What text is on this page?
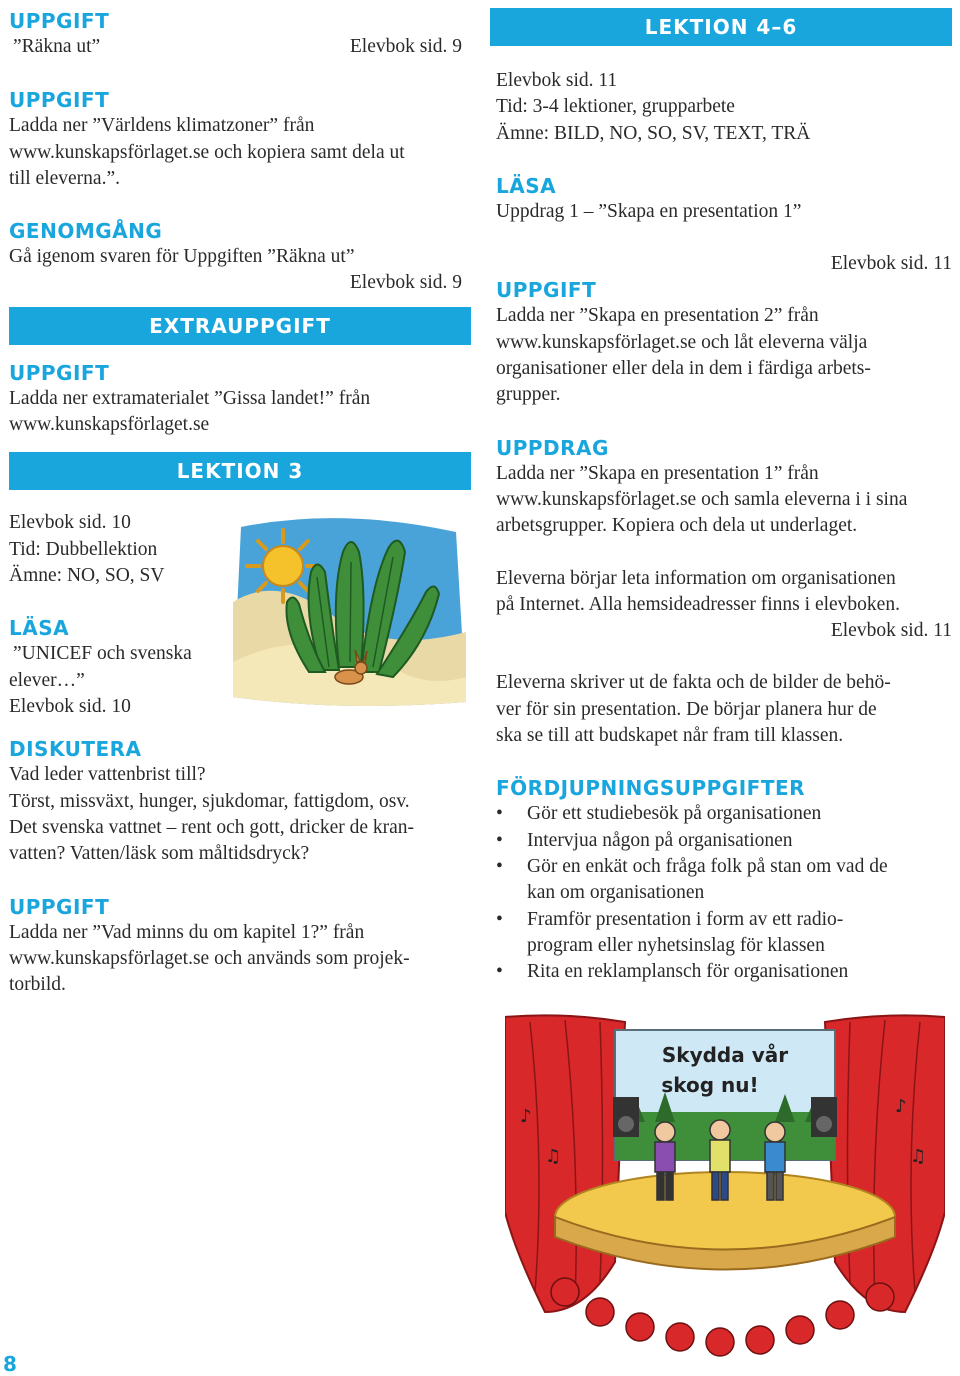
UPPGIFT

”Räkna ut”	Elevbok sid. 9

UPPGIFT

Ladda ner ”Världens klimatzoner” från

www.kunskapsförlaget.se och kopiera samt dela ut

till eleverna.”.

GENOMGÅNG

Gå igenom svaren för Uppgiften ”Räkna ut”

Elevbok sid. 9

EXTRAUPPGIFT

UPPGIFT

Ladda ner extramaterialet ”Gissa landet!” från

www.kunskapsförlaget.se

LEKTION 3

Elevbok sid. 10

Tid: Dubbellektion

Ämne: NO, SO, SV

LÄSA

”UNICEF och svenska

elever…”

Elevbok sid. 10

DISKUTERA

Vad leder vattenbrist till?

Törst, missväxt, hunger, sjukdomar, fattigdom, osv.

Det svenska vattnet – rent och gott, dricker de kran-

vatten? Vatten/läsk som måltidsdryck?

UPPGIFT

Ladda ner ”Vad minns du om kapitel 1?” från

www.kunskapsförlaget.se och används som projek-

torbild.

LEKTION 4–6

Elevbok sid. 11

Tid: 3-4 lektioner, grupparbete

Ämne: BILD, NO, SO, SV, TEXT, TRÄ

LÄSA

Uppdrag 1 – ”Skapa en presentation 1”

Elevbok sid. 11

UPPGIFT

Ladda ner ”Skapa en presentation 2” från

www.kunskapsförlaget.se och låt eleverna välja

organisationer eller dela in dem i färdiga arbets-

grupper.

UPPDRAG

Ladda ner ”Skapa en presentation 1” från

www.kunskapsförlaget.se och samla eleverna i i sina

arbetsgrupper. Kopiera och dela ut underlaget.

Eleverna börjar leta information om organisationen

på Internet. Alla hemsideadresser finns i elevboken.

Elevbok sid. 11

Eleverna skriver ut de fakta och de bilder de behö-

ver för sin presentation. De börjar planera hur de

ska se till att budskapet når fram till klassen.

FÖRDJUPNINGSUPPGIFTER

• Gör ett studiebesök på organisationen
• Intervjua någon på organisationen
• Gör en enkät och fråga folk på stan om vad de
kan om organisationen
• Framför presentation i form av ett radio-
program eller nyhetsinslag för klassen
• Rita en reklamplansch för organisationen
Skydda vår
skog nu!
♪
♫
♪
♫
8
